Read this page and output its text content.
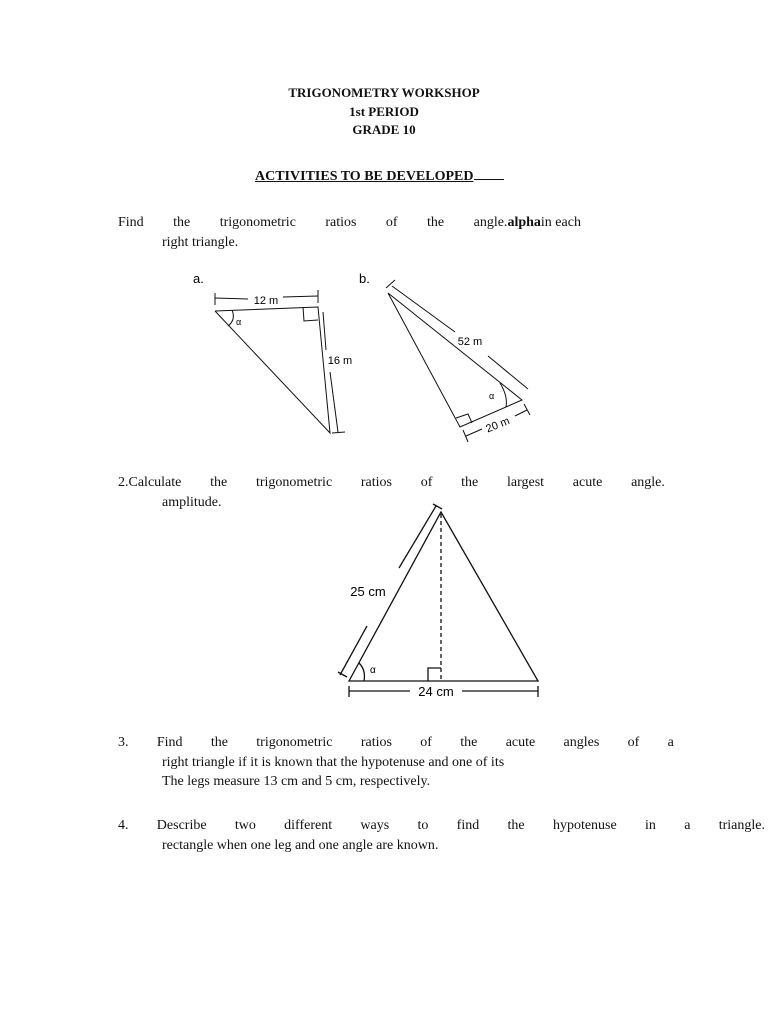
TRIGONOMETRY WORKSHOP
1st PERIOD
GRADE 10
ACTIVITIES TO BE DEVELOPED
Find the trigonometric ratios of the angle.alphain each
right triangle.
a.
12 m
16 m
α
b.
52 m
20 m
α
2.Calculate the trigonometric ratios of the largest acute angle.
amplitude.
25 cm
24 cm
α
3. Find the trigonometric ratios of the acute angles of a
right triangle if it is known that the hypotenuse and one of its
The legs measure 13 cm and 5 cm, respectively.
4. Describe two different ways to find the hypotenuse in a triangle.
rectangle when one leg and one angle are known.
